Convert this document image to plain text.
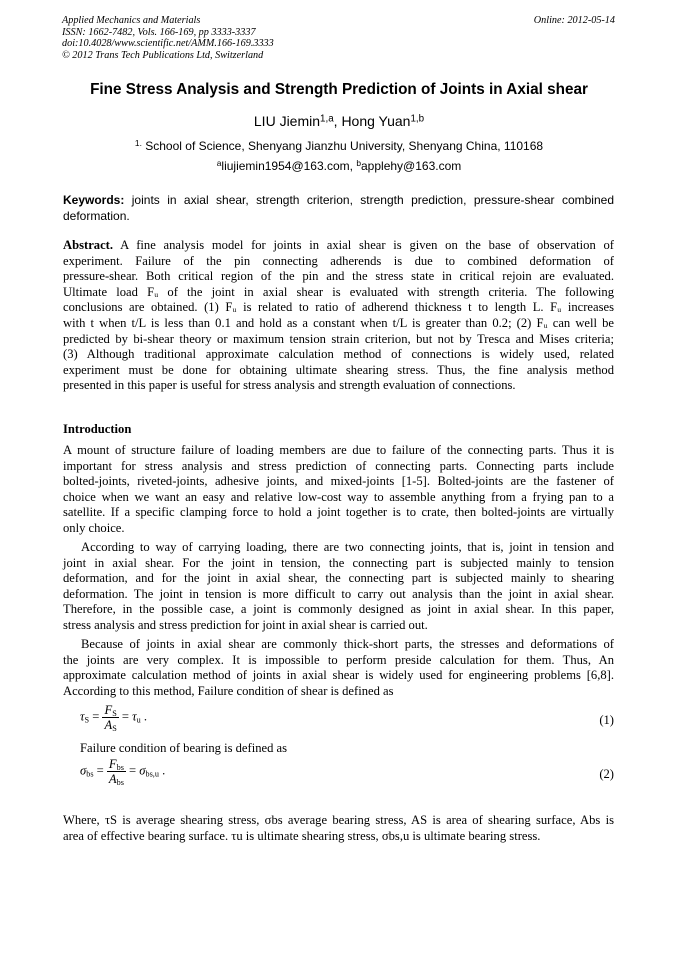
Applied Mechanics and Materials
ISSN: 1662-7482, Vols. 166-169, pp 3333-3337
doi:10.4028/www.scientific.net/AMM.166-169.3333
© 2012 Trans Tech Publications Ltd, Switzerland
Online: 2012-05-14
Fine Stress Analysis and Strength Prediction of Joints in Axial shear
LIU Jiemin$^{1,a}$, Hong Yuan$^{1,b}$
$^{1.}$ School of Science, Shenyang Jianzhu University, Shenyang China, 110168
$^a$liujiemin1954@163.com, $^b$applehy@163.com
Keywords: joints in axial shear, strength criterion, strength prediction, pressure-shear combined deformation.
Abstract. A fine analysis model for joints in axial shear is given on the base of observation of
experiment. Failure of the pin connecting adherends is due to combined deformation of
pressure-shear. Both critical region of the pin and the stress state in critical rejoin are evaluated.
Ultimate load Fᵤ of the joint in axial shear is evaluated with strength criteria. The following
conclusions are obtained. (1) Fᵤ is related to ratio of adherend thickness t to length L. Fᵤ increases
with t when t/L is less than 0.1 and hold as a constant when t/L is greater than 0.2; (2) Fᵤ can well be
predicted by bi-shear theory or maximum tension strain criterion, but not by Tresca and Mises criteria;
(3) Although traditional approximate calculation method of connections is widely used, related
experiment must be done for obtaining ultimate shearing stress. Thus, the fine analysis method
presented in this paper is useful for stress analysis and strength evaluation of connections.
Introduction
A mount of structure failure of loading members are due to failure of the connecting parts. Thus it is
important for stress analysis and stress prediction of connecting parts. Connecting parts include
bolted-joints, riveted-joints, adhesive joints, and mixed-joints [1-5]. Bolted-joints are the fastener of
choice when we want an easy and relative low-cost way to assemble anything from a frying pan to a
satellite. If a specific clamping force to hold a joint together is to crate, then bolted-joints are virtually
only choice.
According to way of carrying loading, there are two connecting joints, that is, joint in tension and
joint in axial shear. For the joint in tension, the connecting part is subjected mainly to tension
deformation, and for the joint in axial shear, the connecting part is subjected mainly to shearing
deformation. The joint in tension is more difficult to carry out analysis than the joint in axial shear.
Therefore, in the possible case, a joint is commonly designed as joint in axial shear. In this paper,
stress analysis and stress prediction for joint in axial shear is carried out.
Because of joints in axial shear are commonly thick-short parts, the stresses and deformations of
the joints are very complex. It is impossible to perform preside calculation for them. Thus, An
approximate calculation method of joints in axial shear is widely used for engineering problems [6,8].
According to this method, Failure condition of shear is defined as
$\tau_S = \frac{F_S}{A_S} = \tau_u$ .	(1)
Failure condition of bearing is defined as
$\sigma_{bs} = \frac{F_{bs}}{A_{bs}} = \sigma_{bs,u}$ .	(2)
Where, τS is average shearing stress, σbs average bearing stress, AS is area of shearing surface, Abs is
area of effective bearing surface. τu is ultimate shearing stress, σbs,u is ultimate bearing stress.
